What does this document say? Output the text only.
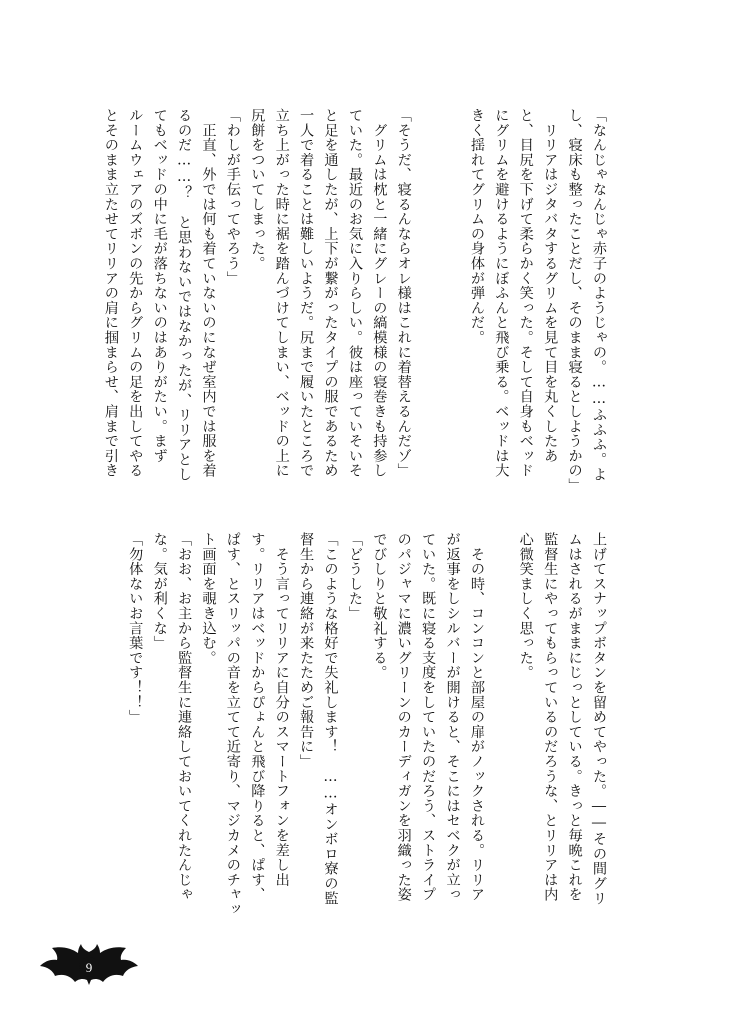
「なんじゃなんじゃ赤子のようじゃの。……ふふふ。よ
し、寝床も整ったことだし、そのまま寝るとしようかの」
　リリアはジタバタするグリムを見て目を丸くしたあ
と、目尻を下げて柔らかく笑った。そして自身もベッド
にグリムを避けるようにぼふんと飛び乗る。ベッドは大
きく揺れてグリムの身体が弾んだ。

「そうだ、寝るんならオレ様はこれに着替えるんだゾ」
　グリムは枕と一緒にグレーの縞模様の寝巻きも持参し
ていた。最近のお気に入りらしい。彼は座っていそいそ
と足を通したが、上下が繋がったタイプの服であるため
一人で着ることは難しいようだ。尻まで履いたところで
立ち上がった時に裾を踏んづけてしまい、ベッドの上に
尻餅をついてしまった。
「わしが手伝ってやろう」
　正直、外では何も着ていないのになぜ室内では服を着
るのだ……？　と思わないではなかったが、リリアとし
てもベッドの中に毛が落ちないのはありがたい。まず
ルームウェアのズボンの先からグリムの足を出してやる
とそのまま立たせてリリアの肩に掴まらせ、肩まで引き
上げてスナップボタンを留めてやった。――その間グリ
ムはされるがままにじっとしている。きっと毎晩これを
監督生にやってもらっているのだろうな、とリリアは内
心微笑ましく思った。

　その時、コンコンと部屋の扉がノックされる。リリア
が返事をしシルバーが開けると、そこにはセベクが立っ
ていた。既に寝る支度をしていたのだろう、ストライプ
のパジャマに濃いグリーンのカーディガンを羽織った姿
でびしりと敬礼する。
「どうした」
「このような格好で失礼します！　……オンボロ寮の監
督生から連絡が来たためご報告に」
　そう言ってリリアに自分のスマートフォンを差し出
す。リリアはベッドからぴょんと飛び降りると、ぱす、
ぱす、とスリッパの音を立てて近寄り、マジカメのチャッ
ト画面を覗き込む。
「おお、お主から監督生に連絡しておいてくれたんじゃ
な。気が利くな」
「勿体ないお言葉です！！」
9
